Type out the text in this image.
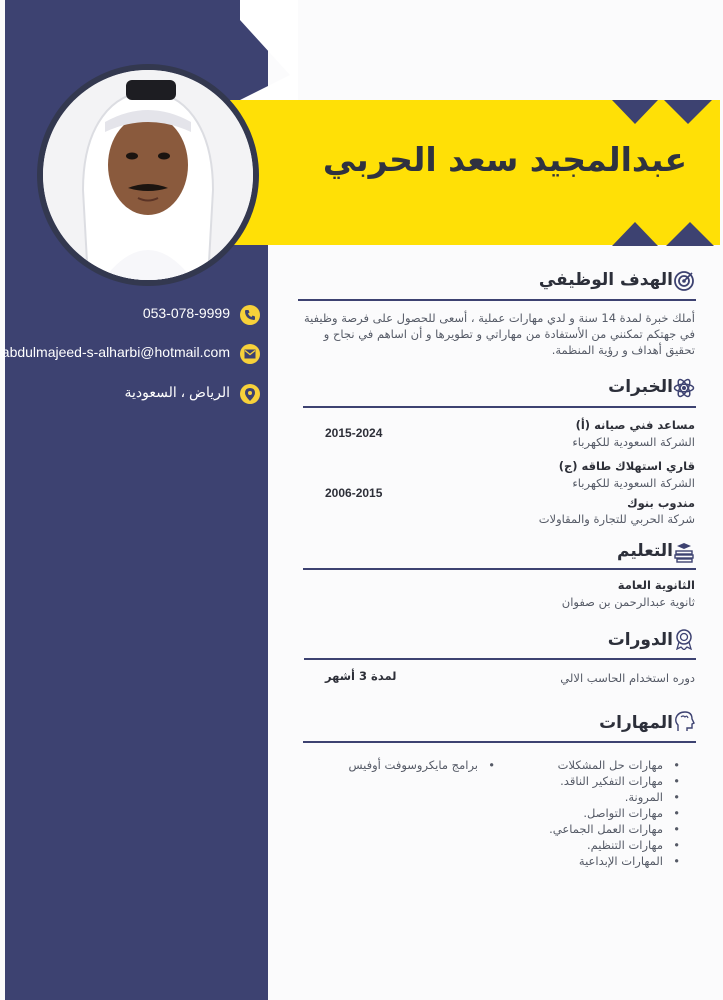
عبدالمجيد سعد الحربي
053-078-9999
abdulmajeed-s-alharbi@hotmail.com
الرياض ، السعودية
الهدف الوظيفي
أملك خبرة لمدة 14 سنة و لدي مهارات عملية ، أسعى للحصول على فرصة وظيفية
في جهتكم تمكنني من الأستفادة من مهاراتي و تطويرها و أن اساهم في نجاح و
تحقيق أهداف و رؤية المنظمة.
الخبرات
مساعد فني صيانه (أ)
الشركة السعودية للكهرباء
2015-2024
قاري استهلاك طاقه (ج)
الشركة السعودية للكهرباء
2006-2015
مندوب بنوك
شركة الحربي للتجارة والمقاولات
التعليم
الثانوية العامة
ثانوية عبدالرحمن بن صفوان
الدورات
دوره استخدام الحاسب الالي
لمدة 3 أشهر
المهارات
• مهارات حل المشكلات
• مهارات التفكير الناقد.
• المرونة.
• مهارات التواصل.
• مهارات العمل الجماعي.
• مهارات التنظيم.
• المهارات الإبداعية
• برامج مايكروسوفت أوفيس
